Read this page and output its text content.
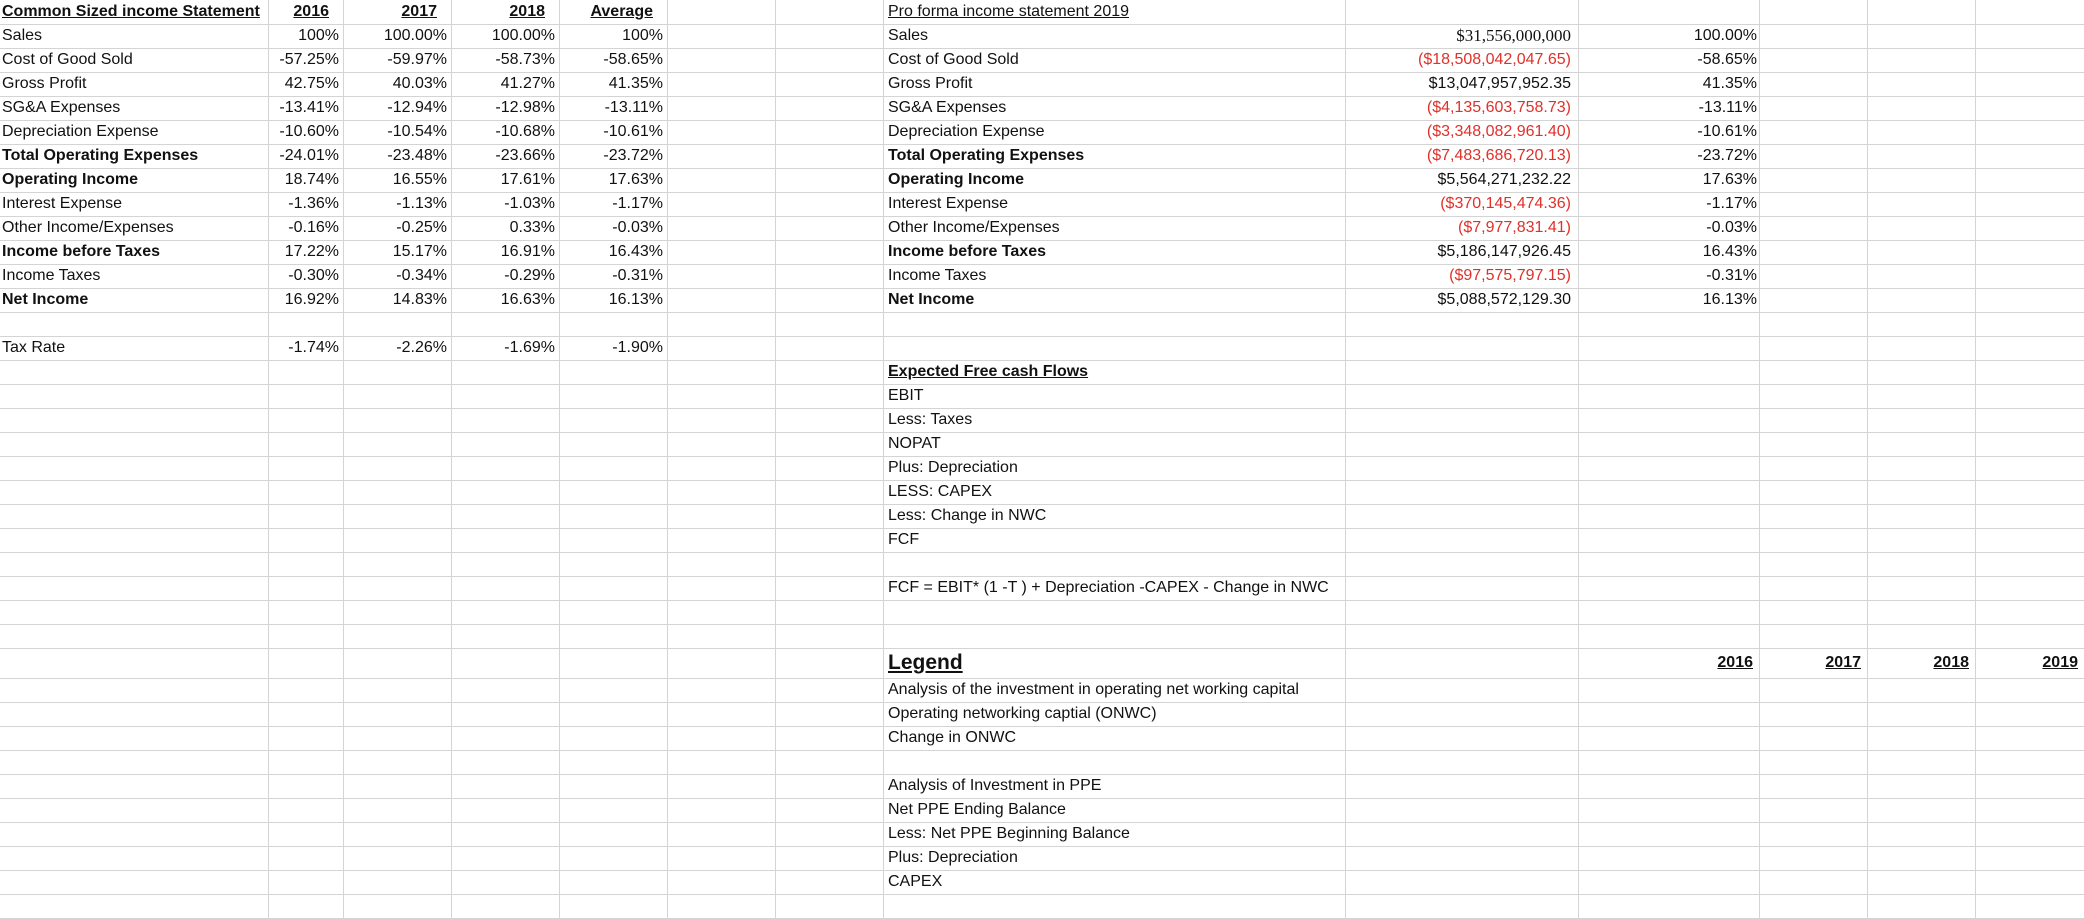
Common Sized income Statement	2016	2017	2018	Average
Sales	100%	100.00%	100.00%	100%
Cost of Good Sold	-57.25%	-59.97%	-58.73%	-58.65%
Gross Profit	42.75%	40.03%	41.27%	41.35%
SG&A Expenses	-13.41%	-12.94%	-12.98%	-13.11%
Depreciation Expense	-10.60%	-10.54%	-10.68%	-10.61%
Total Operating Expenses	-24.01%	-23.48%	-23.66%	-23.72%
Operating Income	18.74%	16.55%	17.61%	17.63%
Interest Expense	-1.36%	-1.13%	-1.03%	-1.17%
Other Income/Expenses	-0.16%	-0.25%	0.33%	-0.03%
Income before Taxes	17.22%	15.17%	16.91%	16.43%
Income Taxes	-0.30%	-0.34%	-0.29%	-0.31%
Net Income	16.92%	14.83%	16.63%	16.13%
Tax Rate	-1.74%	-2.26%	-1.69%	-1.90%
Pro forma income statement 2019
Sales	$31,556,000,000	100.00%
Cost of Good Sold	($18,508,042,047.65)	-58.65%
Gross Profit	$13,047,957,952.35	41.35%
SG&A Expenses	($4,135,603,758.73)	-13.11%
Depreciation Expense	($3,348,082,961.40)	-10.61%
Total Operating Expenses	($7,483,686,720.13)	-23.72%
Operating Income	$5,564,271,232.22	17.63%
Interest Expense	($370,145,474.36)	-1.17%
Other Income/Expenses	($7,977,831.41)	-0.03%
Income before Taxes	$5,186,147,926.45	16.43%
Income Taxes	($97,575,797.15)	-0.31%
Net Income	$5,088,572,129.30	16.13%
Expected Free cash Flows
EBIT
Less: Taxes
NOPAT
Plus: Depreciation
LESS: CAPEX
Less: Change in NWC
FCF
FCF = EBIT* (1 -T ) + Depreciation -CAPEX - Change in NWC
Legend	2016	2017	2018	2019
Analysis of the investment in operating net working capital
Operating networking captial (ONWC)
Change in ONWC
Analysis of Investment in PPE
Net PPE Ending Balance
Less: Net PPE Beginning Balance
Plus: Depreciation
CAPEX
